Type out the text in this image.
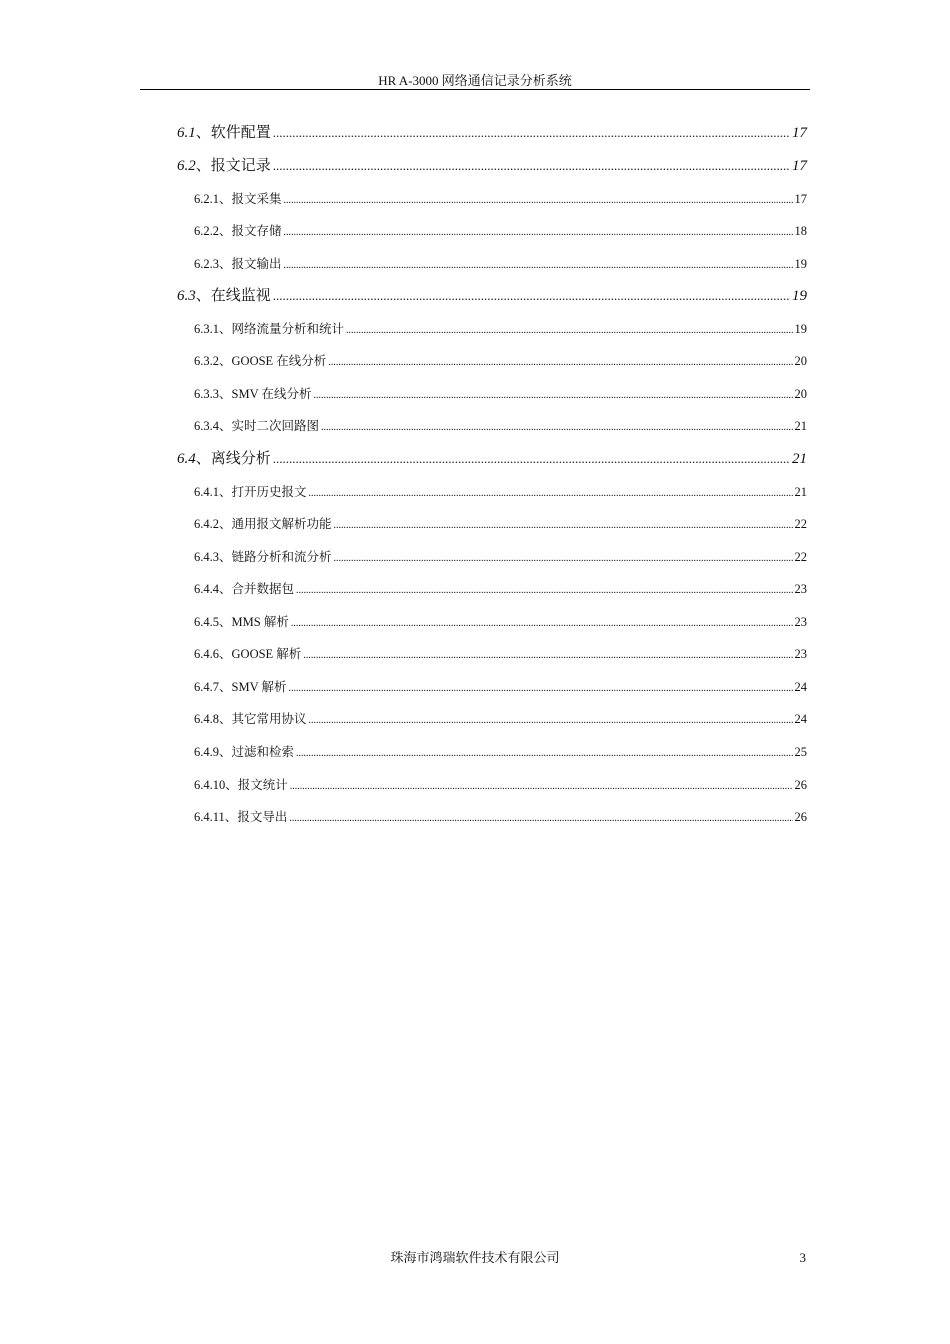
HR A-3000 网络通信记录分析系统
6.1 、 软件配置 .....	17
6.2 、 报文记录 .....	17
6.2.1 、 报文采集 .....	17
6.2.2 、 报文存储 .....	18
6.2.3 、 报文输出 .....	19
6.3 、 在线监视 .....	19
6.3.1 、 网络流量分析和统计 .....	19
6.3.2 、 GOOSE 在线分析 .....	20
6.3.3 、 SMV 在线分析 .....	20
6.3.4 、 实时二次回路图 .....	21
6.4 、 离线分析 .....	21
6.4.1 、 打开历史报文 .....	21
6.4.2 、 通用报文解析功能 .....	22
6.4.3 、 链路分析和流分析 .....	22
6.4.4 、 合并数据包 .....	23
6.4.5 、 MMS 解析 .....	23
6.4.6 、 GOOSE 解析 .....	23
6.4.7 、 SMV 解析 .....	24
6.4.8 、 其它常用协议 .....	24
6.4.9 、 过滤和检索 .....	25
6.4.10 、 报文统计 .....	26
6.4.11 、 报文导出 .....	26
珠海市鸿瑞软件技术有限公司	3
